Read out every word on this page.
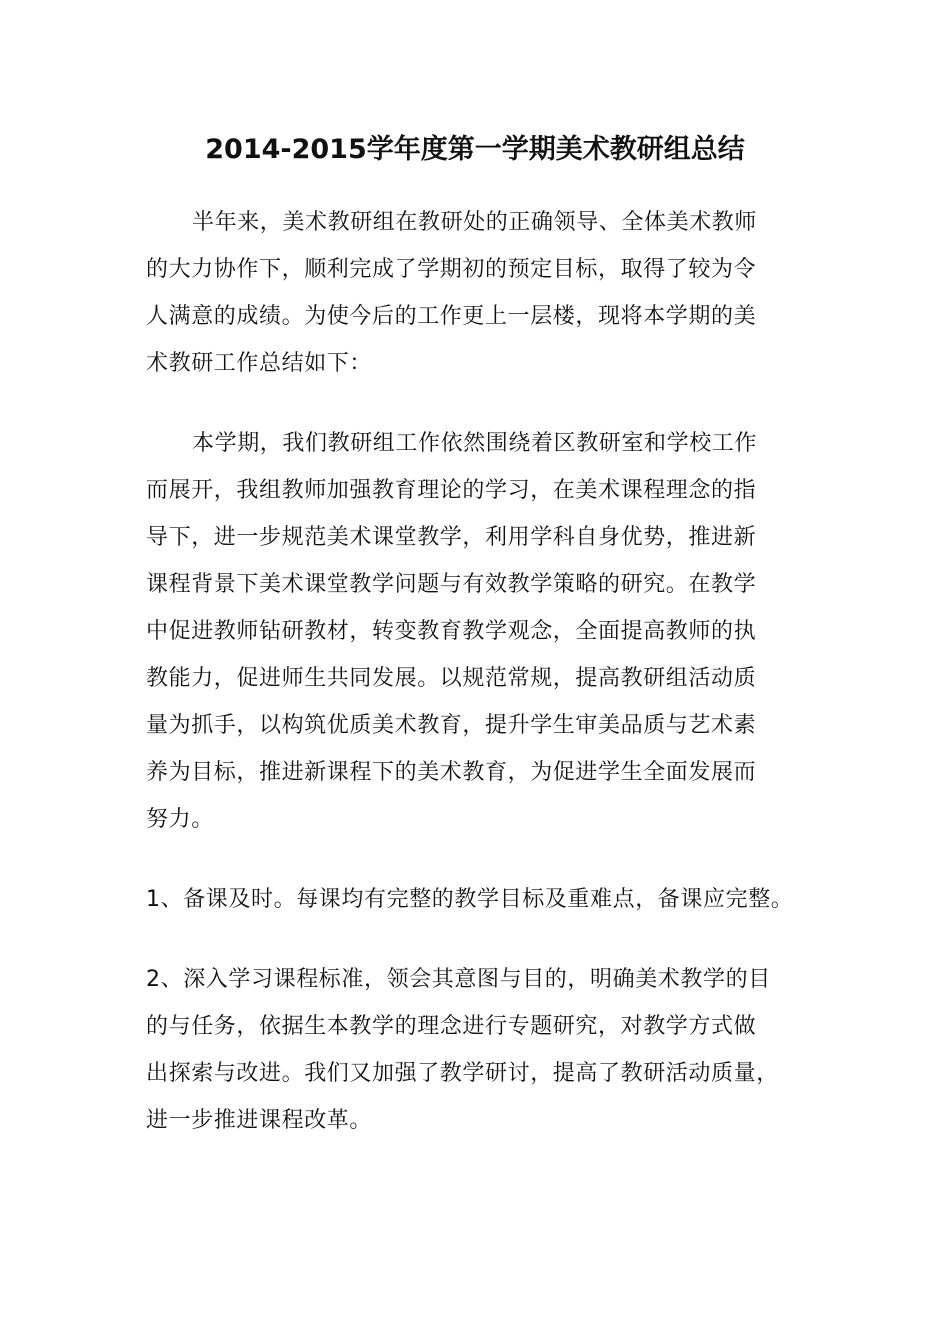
2014-2015学年度第一学期美术教研组总结
半年来，美术教研组在教研处的正确领导、全体美术教师
的大力协作下，顺利完成了学期初的预定目标，取得了较为令
人满意的成绩。为使今后的工作更上一层楼，现将本学期的美
术教研工作总结如下：
本学期，我们教研组工作依然围绕着区教研室和学校工作
而展开，我组教师加强教育理论的学习，在美术课程理念的指
导下，进一步规范美术课堂教学，利用学科自身优势，推进新
课程背景下美术课堂教学问题与有效教学策略的研究。在教学
中促进教师钻研教材，转变教育教学观念，全面提高教师的执
教能力，促进师生共同发展。以规范常规，提高教研组活动质
量为抓手，以构筑优质美术教育，提升学生审美品质与艺术素
养为目标，推进新课程下的美术教育，为促进学生全面发展而
努力。
1、备课及时。每课均有完整的教学目标及重难点，备课应完整。
2、深入学习课程标准，领会其意图与目的，明确美术教学的目
的与任务，依据生本教学的理念进行专题研究，对教学方式做
出探索与改进。我们又加强了教学研讨，提高了教研活动质量，
进一步推进课程改革。
